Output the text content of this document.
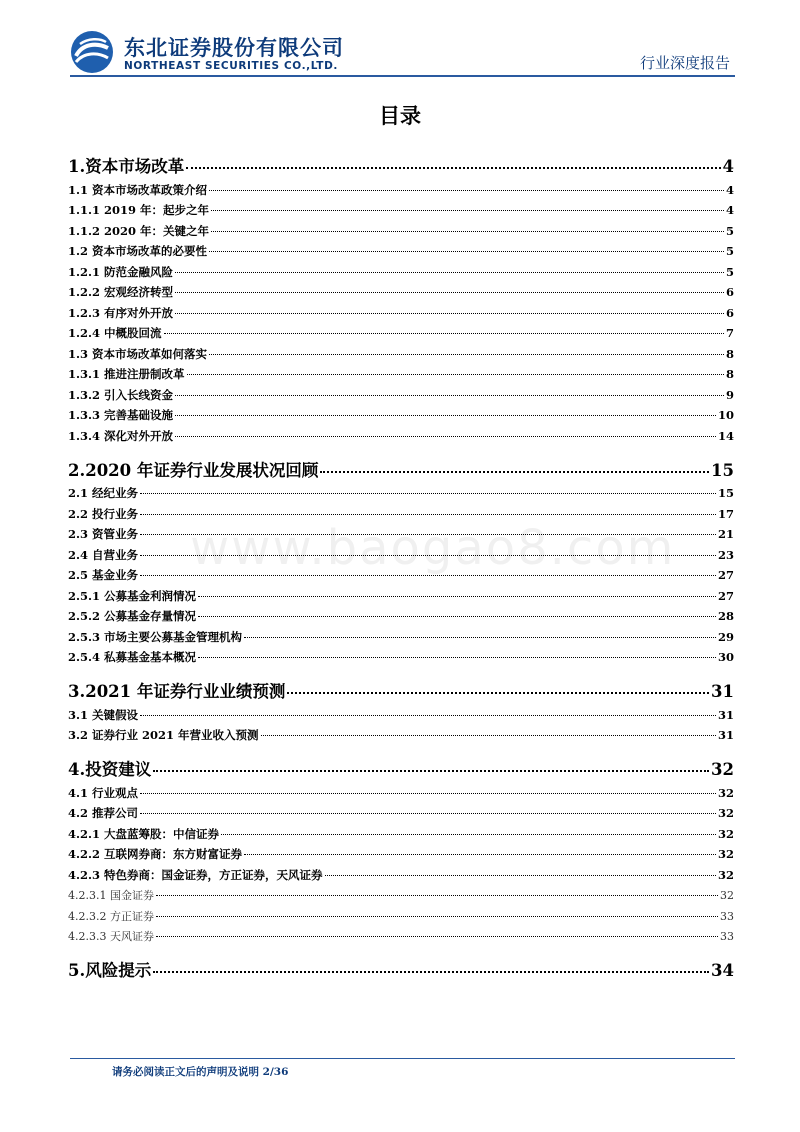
东北证券股份有限公司
NORTHEAST SECURITIES CO.,LTD.	行业深度报告
目录
1.资本市场改革	4
1.1 资本市场改革政策介绍	4
1.1.1 2019 年：起步之年	4
1.1.2 2020 年：关键之年	5
1.2 资本市场改革的必要性	5
1.2.1 防范金融风险	5
1.2.2 宏观经济转型	6
1.2.3 有序对外开放	6
1.2.4 中概股回流	7
1.3 资本市场改革如何落实	8
1.3.1 推进注册制改革	8
1.3.2 引入长线资金	9
1.3.3 完善基础设施	10
1.3.4 深化对外开放	14
2.2020 年证券行业发展状况回顾	15
2.1 经纪业务	15
2.2 投行业务	17
2.3 资管业务	21
2.4 自营业务	23
2.5 基金业务	27
2.5.1 公募基金利润情况	27
2.5.2 公募基金存量情况	28
2.5.3 市场主要公募基金管理机构	29
2.5.4 私募基金基本概况	30
3.2021 年证券行业业绩预测	31
3.1 关键假设	31
3.2 证券行业 2021 年营业收入预测	31
4.投资建议	32
4.1 行业观点	32
4.2 推荐公司	32
4.2.1 大盘蓝筹股：中信证券	32
4.2.2 互联网券商：东方财富证券	32
4.2.3 特色券商：国金证券，方正证券，天风证券	32
4.2.3.1 国金证券	32
4.2.3.2 方正证券	33
4.2.3.3 天风证券	33
5.风险提示	34
www.baogao8.com
请务必阅读正文后的声明及说明 2/36
